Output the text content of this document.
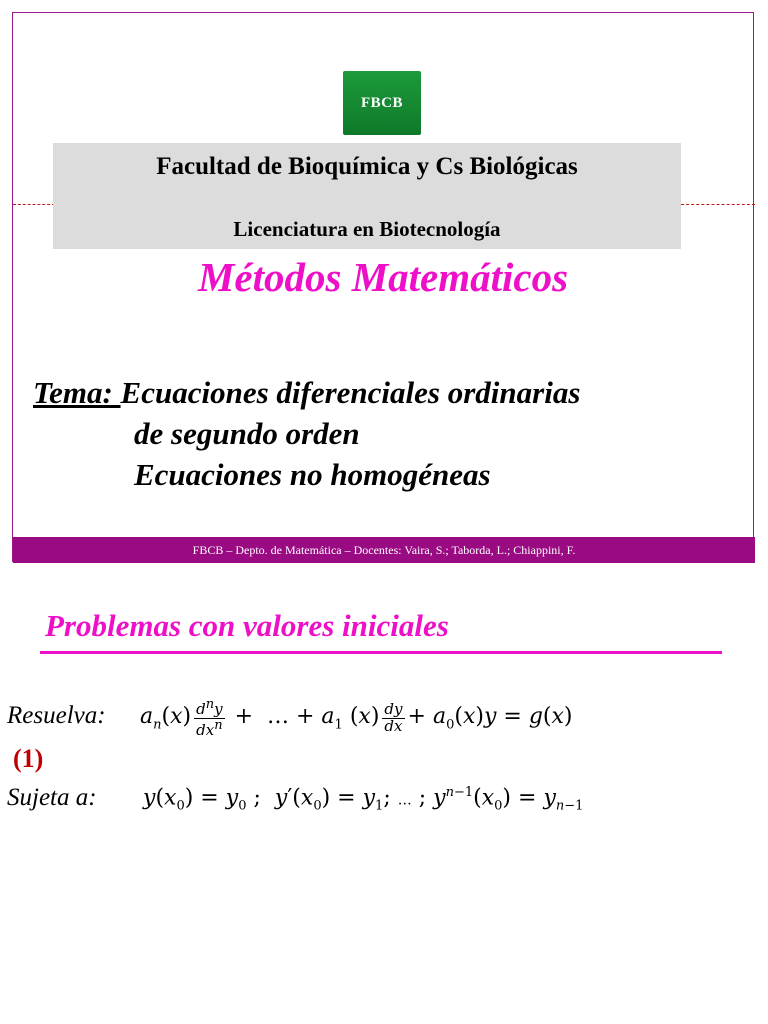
FBCB
Facultad de Bioquímica y Cs Biológicas
Licenciatura en Biotecnología
Métodos Matemáticos
Tema: Ecuaciones diferenciales ordinarias
de segundo orden
Ecuaciones no homogéneas
FBCB – Depto. de Matemática – Docentes: Vaira, S.; Taborda, L.; Chiappini, F.
Problemas con valores iniciales
Resuelva: $a_n(x) \frac{d^ny}{dx^n}$ +  … + $a_1$ $(x) \frac{dy}{dx} + a_0(x)y = g(x)$
(1)
Sujeta a: $y(x_0) = y_0$ ;  $y'(x_0) = y_1$; … ; $y^{n-1}(x_0) = y_{n-1}$
